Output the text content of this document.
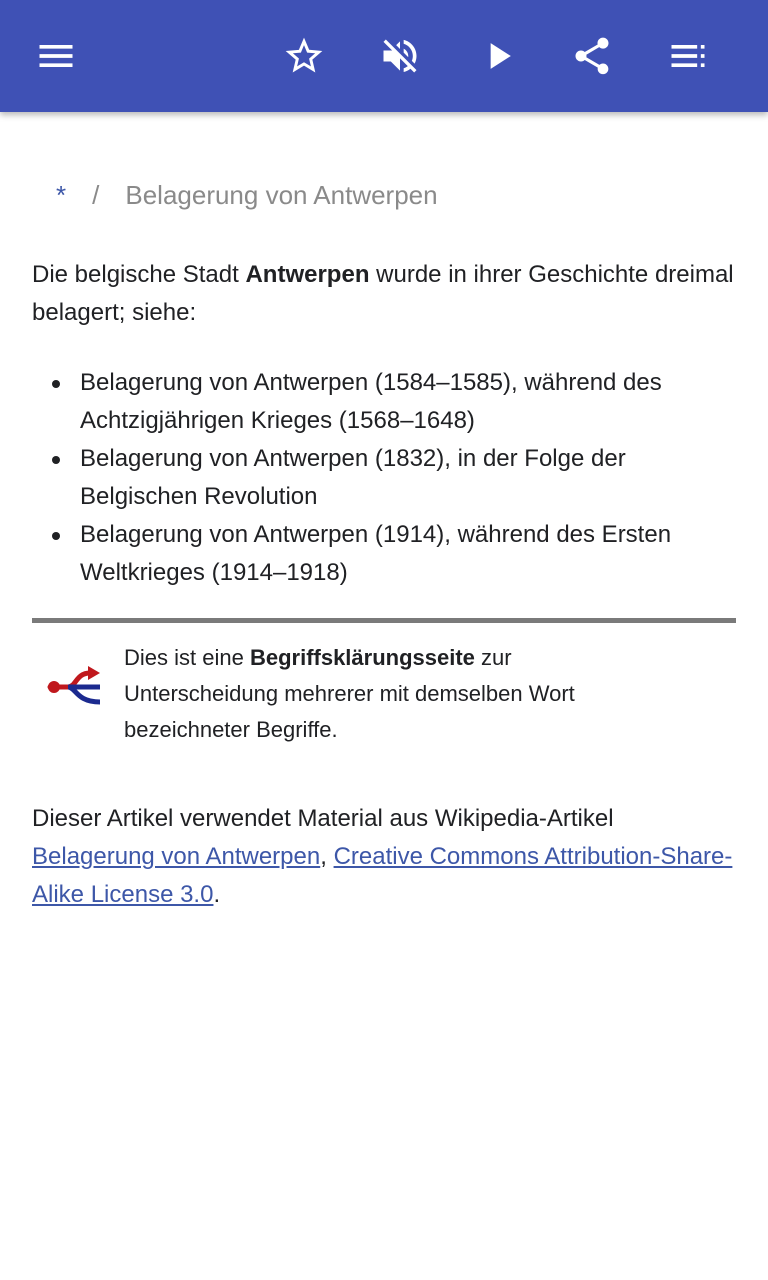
* / Belagerung von Antwerpen
Die belgische Stadt Antwerpen wurde in ihrer Geschichte dreimal belagert; siehe:
Belagerung von Antwerpen (1584–1585), während des Achtzigjährigen Krieges (1568–1648)
Belagerung von Antwerpen (1832), in der Folge der Belgischen Revolution
Belagerung von Antwerpen (1914), während des Ersten Weltkrieges (1914–1918)
Dies ist eine Begriffsklärungsseite zur Unterscheidung mehrerer mit demselben Wort bezeichneter Begriffe.
Dieser Artikel verwendet Material aus Wikipedia-Artikel Belagerung von Antwerpen, Creative Commons Attribution-Share-Alike License 3.0.
